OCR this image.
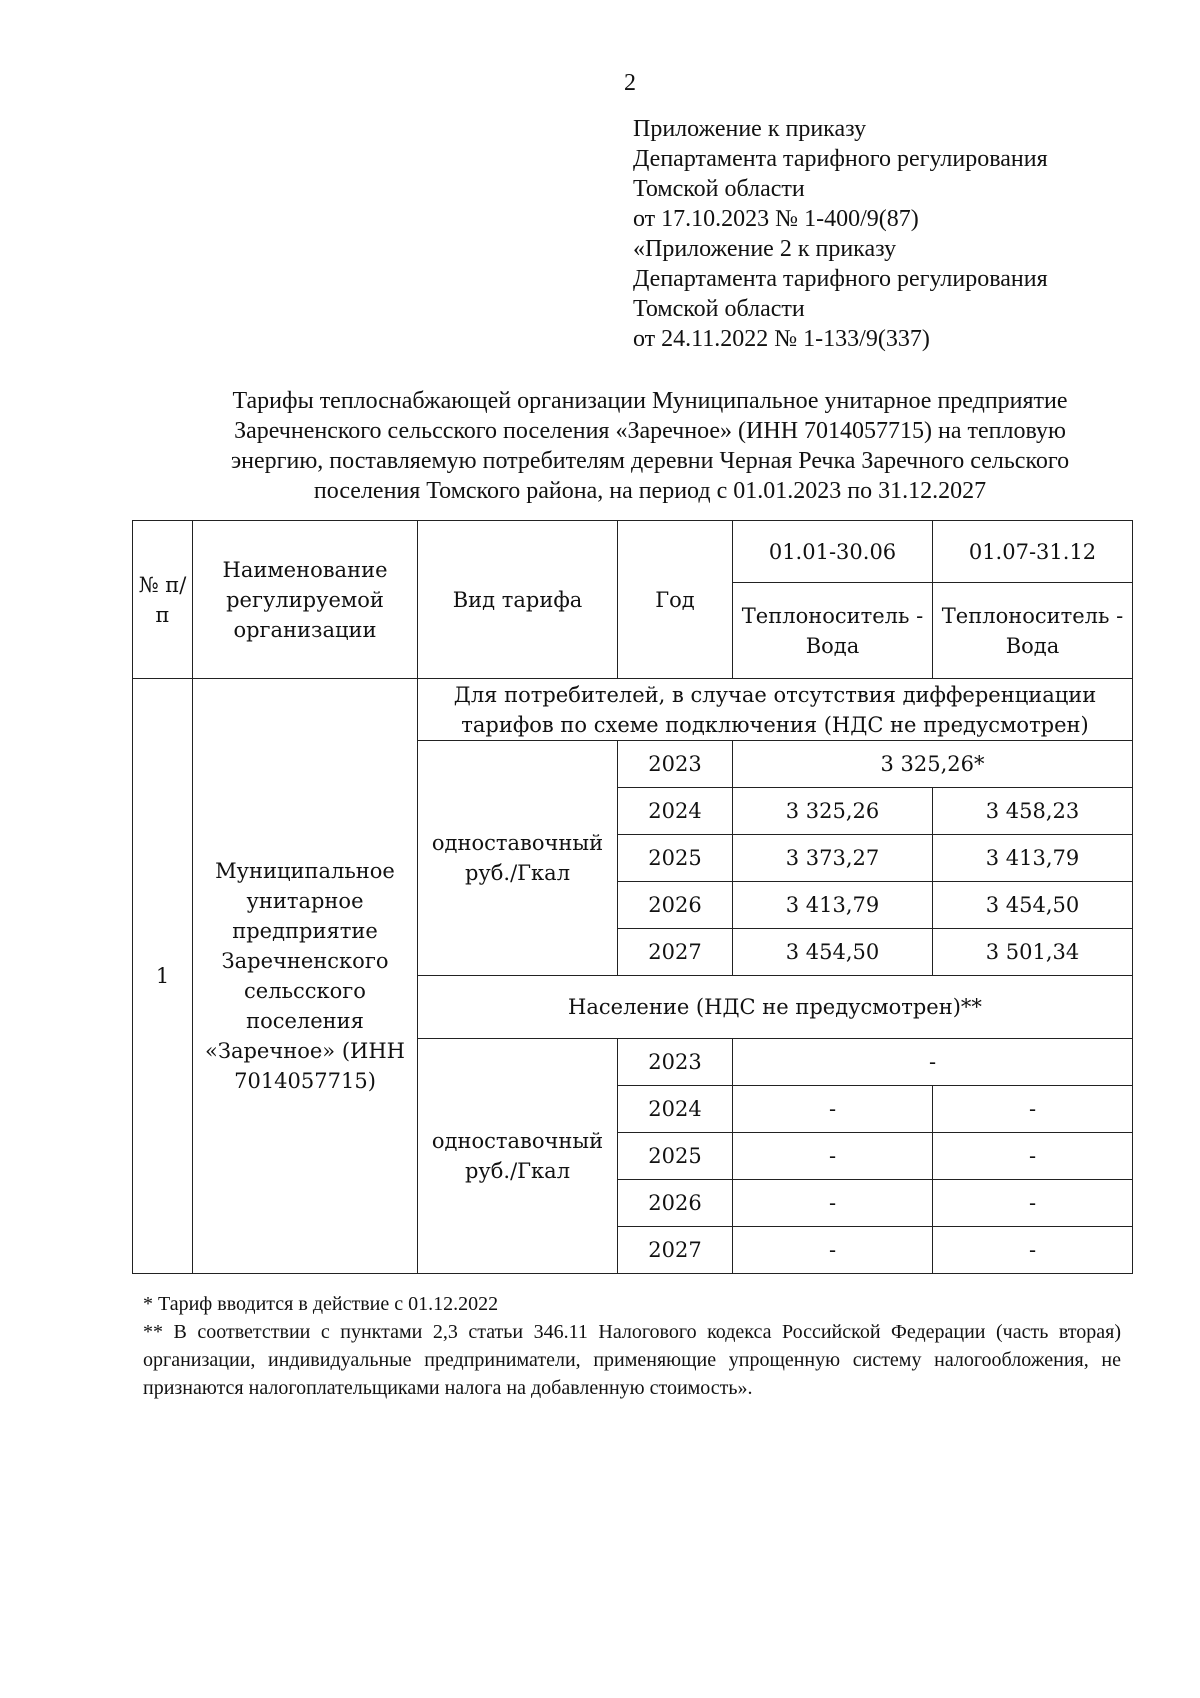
2
Приложение к приказу
Департамента тарифного регулирования
Томской области
от 17.10.2023 № 1-400/9(87)
«Приложение 2 к приказу
Департамента тарифного регулирования
Томской области
от 24.11.2022 № 1-133/9(337)
Тарифы теплоснабжающей организации Муниципальное унитарное предприятие
Заречненского сельсского поселения «Заречное» (ИНН 7014057715) на тепловую
энергию, поставляемую потребителям деревни Черная Речка Заречного сельского
поселения Томского района, на период с 01.01.2023 по 31.12.2027
№ п/п	Наименование регулируемой организации	Вид тарифа	Год	01.01-30.06	01.07-31.12
				Теплоноситель - Вода	Теплоноситель - Вода
1	Муниципальное унитарное предприятие Заречненского сельсского поселения «Заречное» (ИНН 7014057715)	Для потребителей, в случае отсутствия дифференциации тарифов по схеме подключения (НДС не предусмотрен)			
		одноставочный руб./Гкал	2023	3 325,26*	
			2024	3 325,26	3 458,23
			2025	3 373,27	3 413,79
			2026	3 413,79	3 454,50
			2027	3 454,50	3 501,34
		Население (НДС не предусмотрен)**			
		одноставочный руб./Гкал	2023	-	
			2024	-	-
			2025	-	-
			2026	-	-
			2027	-	-
* Тариф вводится в действие с 01.12.2022
** В соответствии с пунктами 2,3 статьи 346.11 Налогового кодекса Российской Федерации (часть вторая) организации, индивидуальные предприниматели, применяющие упрощенную систему налогообложения, не признаются налогоплательщиками налога на добавленную стоимость».
